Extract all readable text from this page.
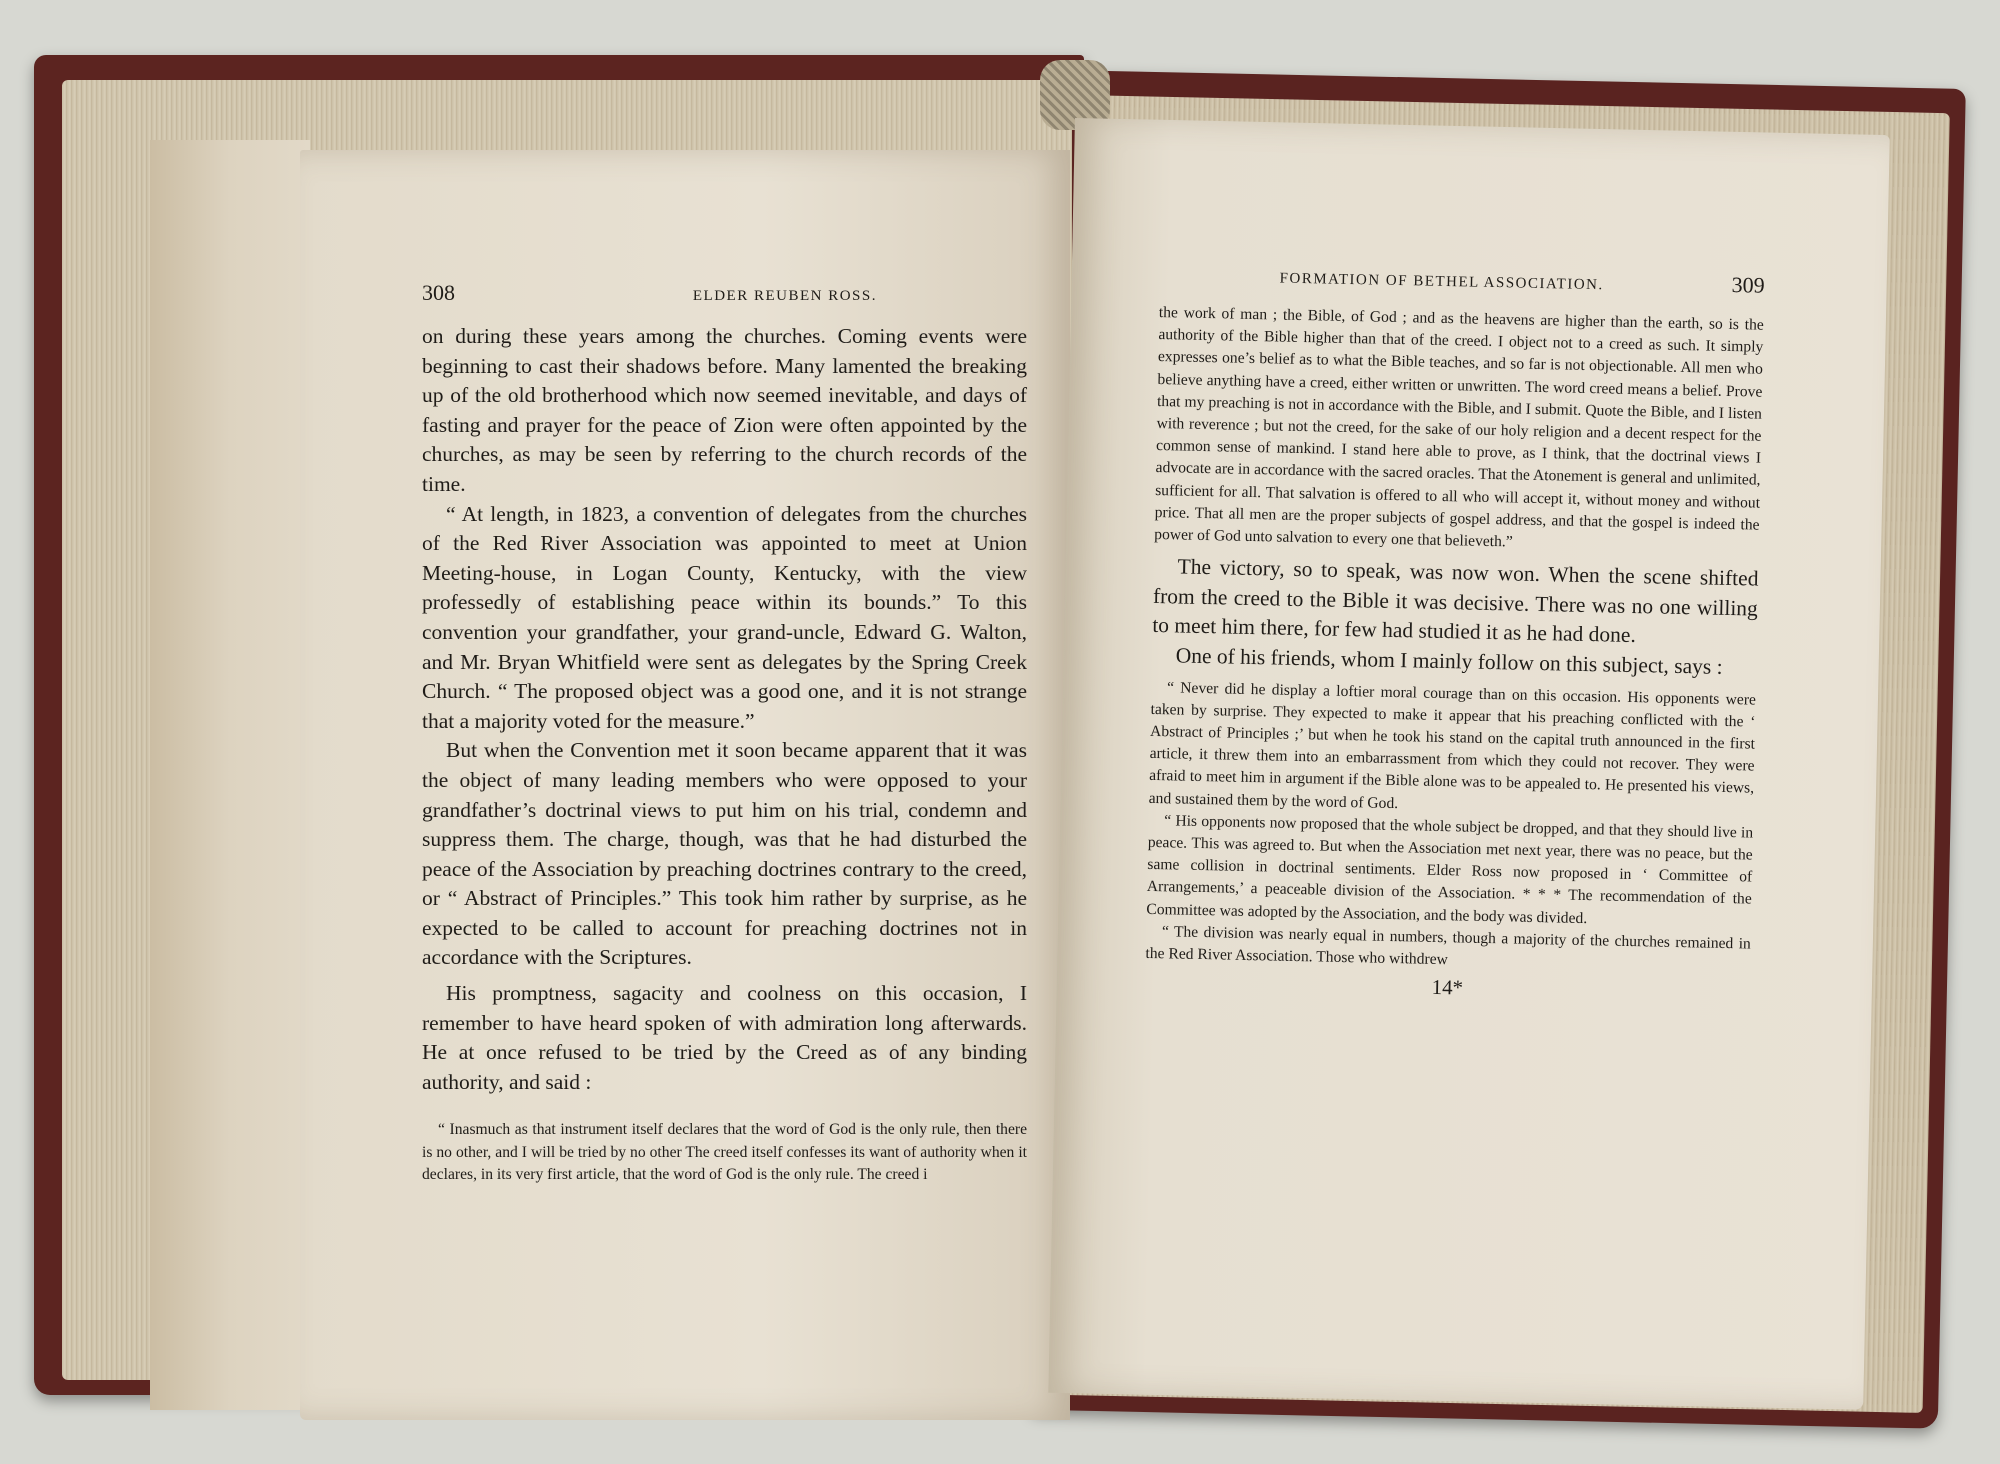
308	ELDER REUBEN ROSS.

on during these years among the churches. Coming events were beginning to cast their shadows before. Many lamented the breaking up of the old brotherhood which now seemed inevitable, and days of fasting and prayer for the peace of Zion were often appointed by the churches, as may be seen by referring to the church records of the time.

“ At length, in 1823, a convention of delegates from the churches of the Red River Association was appointed to meet at Union Meeting-house, in Logan County, Kentucky, with the view professedly of establishing peace within its bounds.” To this convention your grandfather, your grand-uncle, Edward G. Walton, and Mr. Bryan Whitfield were sent as delegates by the Spring Creek Church. “ The proposed object was a good one, and it is not strange that a majority voted for the measure.”

But when the Convention met it soon became apparent that it was the object of many leading members who were opposed to your grandfather’s doctrinal views to put him on his trial, condemn and suppress them. The charge, though, was that he had disturbed the peace of the Association by preaching doctrines contrary to the creed, or “ Abstract of Principles.” This took him rather by surprise, as he expected to be called to account for preaching doctrines not in accordance with the Scriptures.

His promptness, sagacity and coolness on this occasion, I remember to have heard spoken of with admiration long afterwards. He at once refused to be tried by the Creed as of any binding authority, and said :

“ Inasmuch as that instrument itself declares that the word of God is the only rule, then there is no other, and I will be tried by no other The creed itself confesses its want of authority when it declares, in its very first article, that the word of God is the only rule. The creed i

FORMATION OF BETHEL ASSOCIATION.	309

the work of man ; the Bible, of God ; and as the heavens are higher than the earth, so is the authority of the Bible higher than that of the creed. I object not to a creed as such. It simply expresses one’s belief as to what the Bible teaches, and so far is not objectionable. All men who believe anything have a creed, either written or unwritten. The word creed means a belief. Prove that my preaching is not in accordance with the Bible, and I submit. Quote the Bible, and I listen with reverence ; but not the creed, for the sake of our holy religion and a decent respect for the common sense of mankind. I stand here able to prove, as I think, that the doctrinal views I advocate are in accordance with the sacred oracles. That the Atonement is general and unlimited, sufficient for all. That salvation is offered to all who will accept it, without money and without price. That all men are the proper subjects of gospel address, and that the gospel is indeed the power of God unto salvation to every one that believeth.”

The victory, so to speak, was now won. When the scene shifted from the creed to the Bible it was decisive. There was no one willing to meet him there, for few had studied it as he had done.

One of his friends, whom I mainly follow on this subject, says :

“ Never did he display a loftier moral courage than on this occasion. His opponents were taken by surprise. They expected to make it appear that his preaching conflicted with the ‘ Abstract of Principles ;’ but when he took his stand on the capital truth announced in the first article, it threw them into an embarrassment from which they could not recover. They were afraid to meet him in argument if the Bible alone was to be appealed to. He presented his views, and sustained them by the word of God.

“ His opponents now proposed that the whole subject be dropped, and that they should live in peace. This was agreed to. But when the Association met next year, there was no peace, but the same collision in doctrinal sentiments. Elder Ross now proposed in ‘ Committee of Arrangements,’ a peaceable division of the Association. * * * The recommendation of the Committee was adopted by the Association, and the body was divided.

“ The division was nearly equal in numbers, though a majority of the churches remained in the Red River Association. Those who withdrew

14*
